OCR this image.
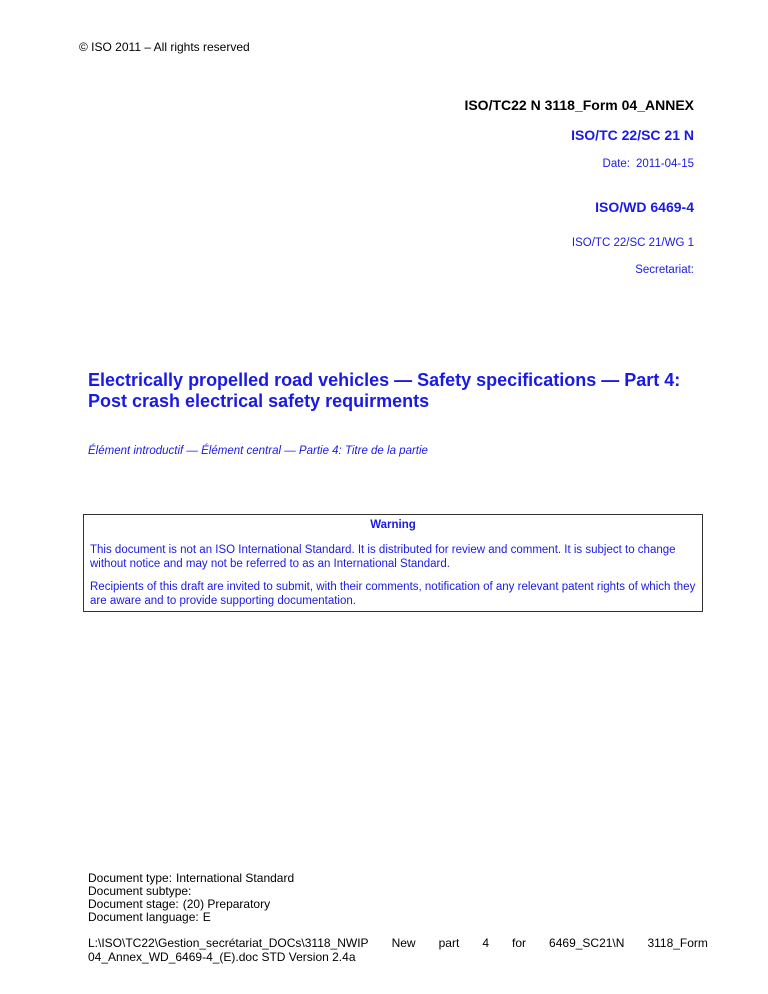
© ISO 2011 – All rights reserved
ISO/TC22 N 3118_Form 04_ANNEX
ISO/TC 22/SC 21 N
Date: 2011-04-15
ISO/WD 6469-4
ISO/TC 22/SC 21/WG 1
Secretariat:
Electrically propelled road vehicles — Safety specifications — Part 4:
Post crash electrical safety requirments
Élément introductif — Élément central — Partie 4: Titre de la partie
Warning

This document is not an ISO International Standard. It is distributed for review and comment. It is subject to change without notice and may not be referred to as an International Standard.

Recipients of this draft are invited to submit, with their comments, notification of any relevant patent rights of which they are aware and to provide supporting documentation.

Document type: International Standard
Document subtype:
Document stage: (20) Preparatory
Document language: E
L:\ISO\TC22\Gestion_secrétariat_DOCs\3118_NWIP New part 4 for 6469_SC21\N 3118_Form
04_Annex_WD_6469-4_(E).doc STD Version 2.4a
